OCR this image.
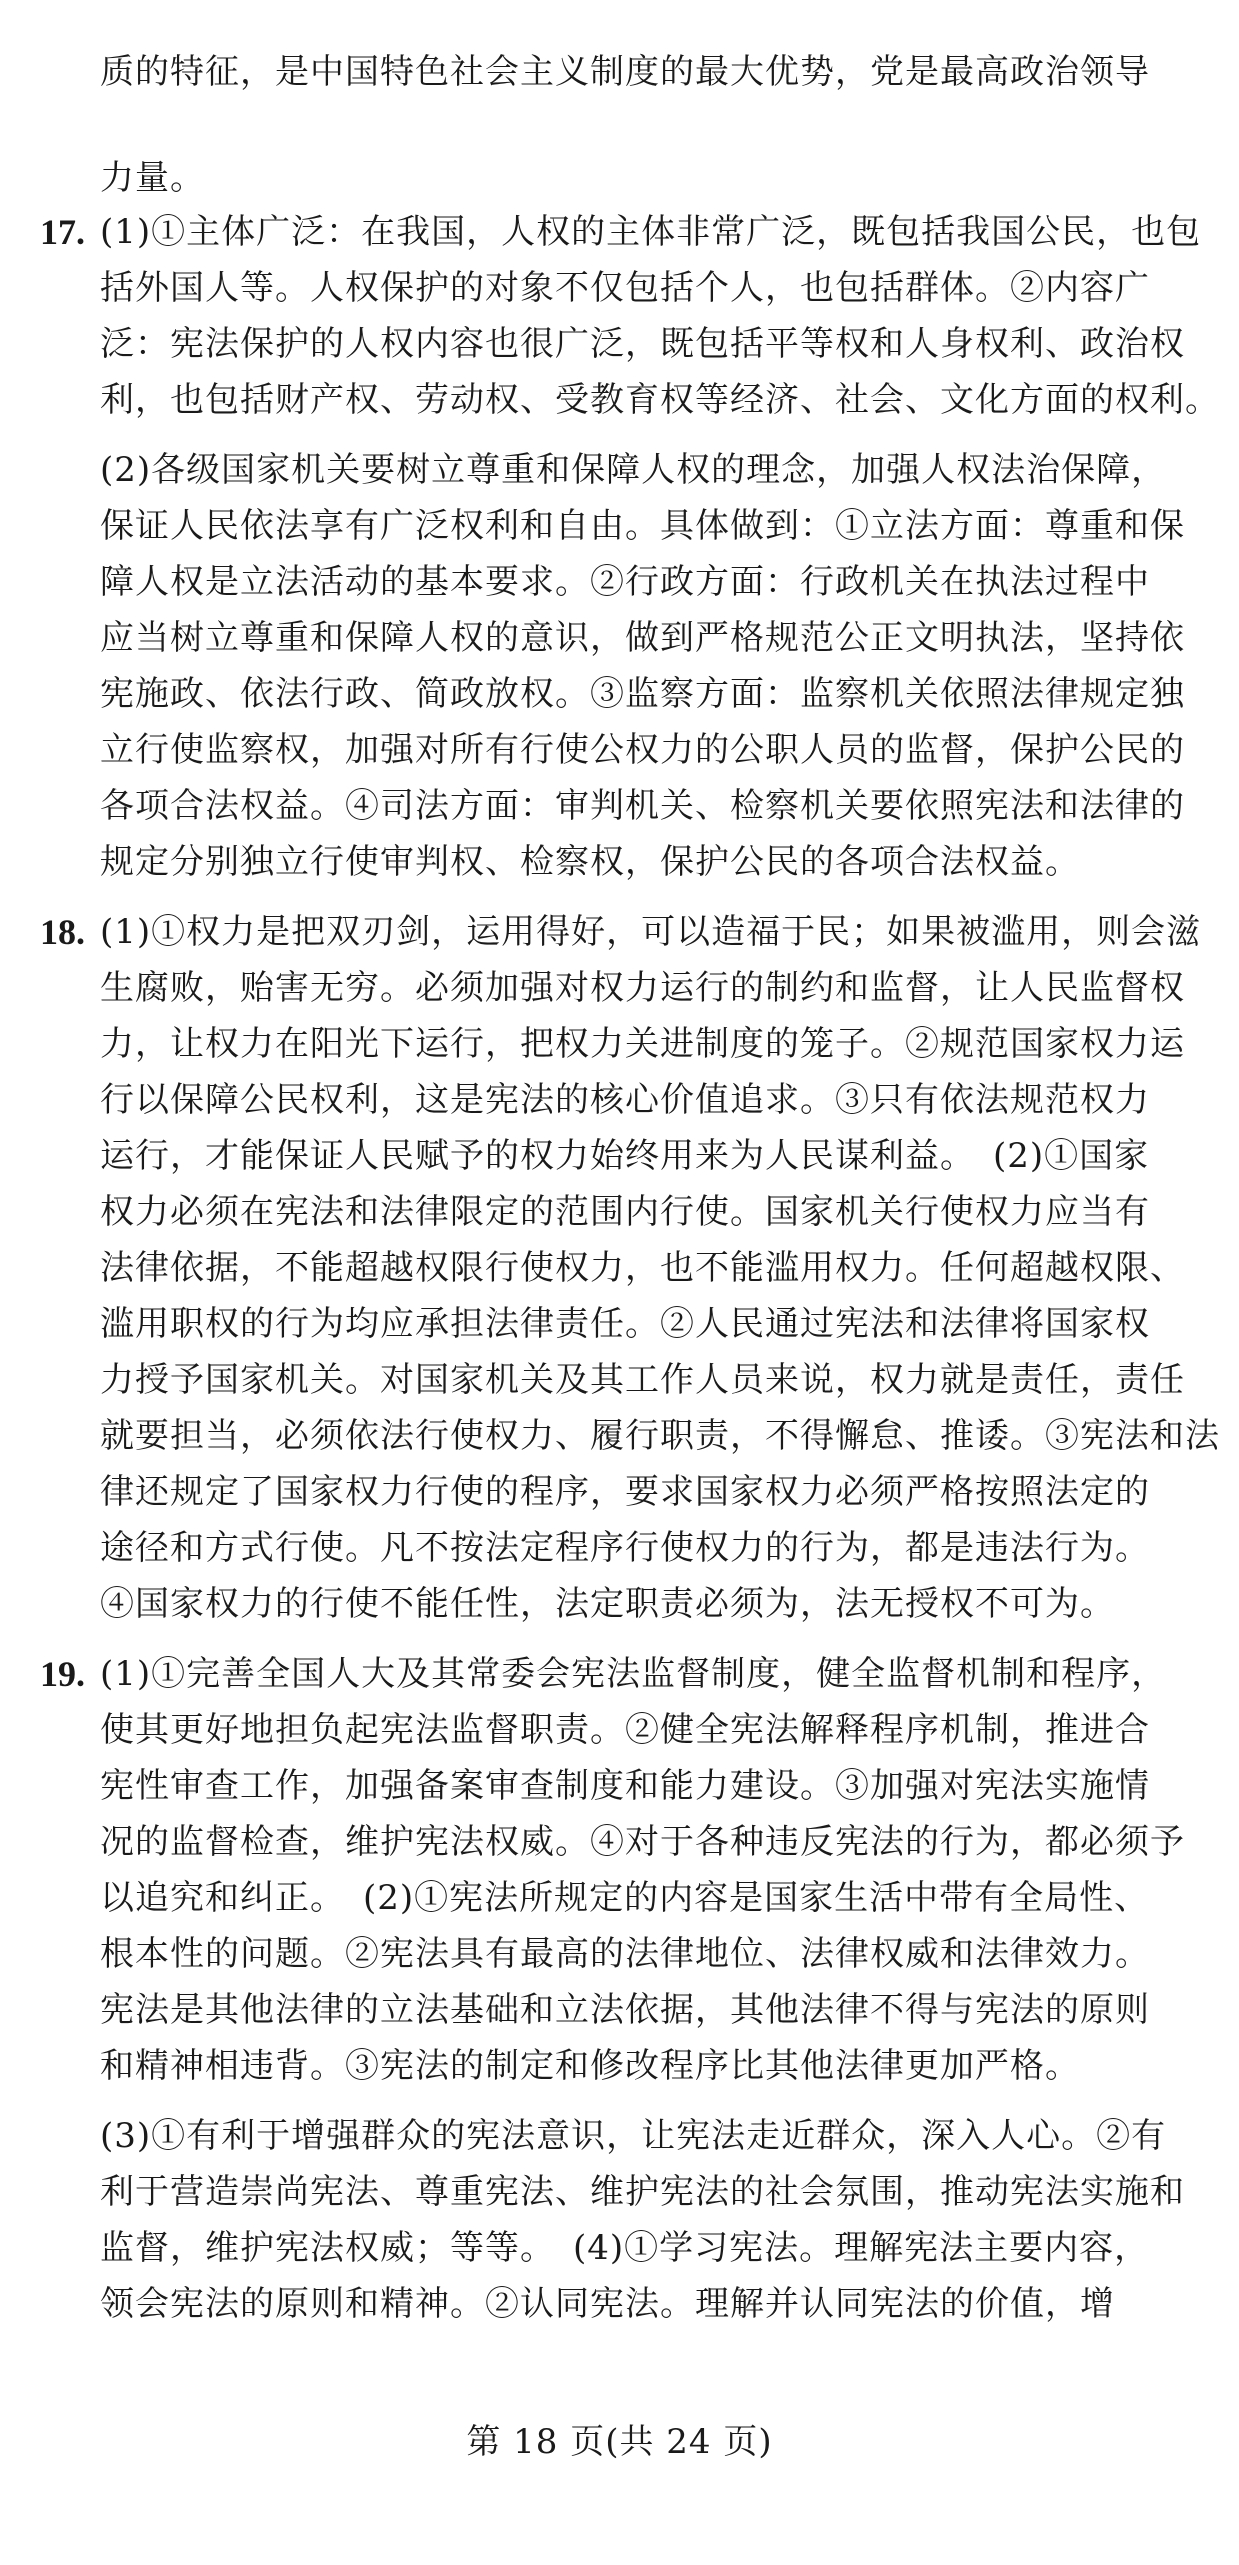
质的特征，是中国特色社会主义制度的最大优势，党是最高政治领导
力量。
17. (1)①主体广泛：在我国，人权的主体非常广泛，既包括我国公民，也包
括外国人等。人权保护的对象不仅包括个人，也包括群体。②内容广
泛：宪法保护的人权内容也很广泛，既包括平等权和人身权利、政治权
利，也包括财产权、劳动权、受教育权等经济、社会、文化方面的权利。
(2)各级国家机关要树立尊重和保障人权的理念，加强人权法治保障，
保证人民依法享有广泛权利和自由。具体做到：①立法方面：尊重和保
障人权是立法活动的基本要求。②行政方面：行政机关在执法过程中
应当树立尊重和保障人权的意识，做到严格规范公正文明执法，坚持依
宪施政、依法行政、简政放权。③监察方面：监察机关依照法律规定独
立行使监察权，加强对所有行使公权力的公职人员的监督，保护公民的
各项合法权益。④司法方面：审判机关、检察机关要依照宪法和法律的
规定分别独立行使审判权、检察权，保护公民的各项合法权益。
18. (1)①权力是把双刃剑，运用得好，可以造福于民；如果被滥用，则会滋
生腐败，贻害无穷。必须加强对权力运行的制约和监督，让人民监督权
力，让权力在阳光下运行，把权力关进制度的笼子。②规范国家权力运
行以保障公民权利，这是宪法的核心价值追求。③只有依法规范权力
运行，才能保证人民赋予的权力始终用来为人民谋利益。　(2)①国家
权力必须在宪法和法律限定的范围内行使。国家机关行使权力应当有
法律依据，不能超越权限行使权力，也不能滥用权力。任何超越权限、
滥用职权的行为均应承担法律责任。②人民通过宪法和法律将国家权
力授予国家机关。对国家机关及其工作人员来说，权力就是责任，责任
就要担当，必须依法行使权力、履行职责，不得懈怠、推诿。③宪法和法
律还规定了国家权力行使的程序，要求国家权力必须严格按照法定的
途径和方式行使。凡不按法定程序行使权力的行为，都是违法行为。
④国家权力的行使不能任性，法定职责必须为，法无授权不可为。
19. (1)①完善全国人大及其常委会宪法监督制度，健全监督机制和程序，
使其更好地担负起宪法监督职责。②健全宪法解释程序机制，推进合
宪性审查工作，加强备案审查制度和能力建设。③加强对宪法实施情
况的监督检查，维护宪法权威。④对于各种违反宪法的行为，都必须予
以追究和纠正。　(2)①宪法所规定的内容是国家生活中带有全局性、
根本性的问题。②宪法具有最高的法律地位、法律权威和法律效力。
宪法是其他法律的立法基础和立法依据，其他法律不得与宪法的原则
和精神相违背。③宪法的制定和修改程序比其他法律更加严格。
(3)①有利于增强群众的宪法意识，让宪法走近群众，深入人心。②有
利于营造崇尚宪法、尊重宪法、维护宪法的社会氛围，推动宪法实施和
监督，维护宪法权威；等等。　(4)①学习宪法。理解宪法主要内容，
领会宪法的原则和精神。②认同宪法。理解并认同宪法的价值，增
第 18 页(共 24 页)
